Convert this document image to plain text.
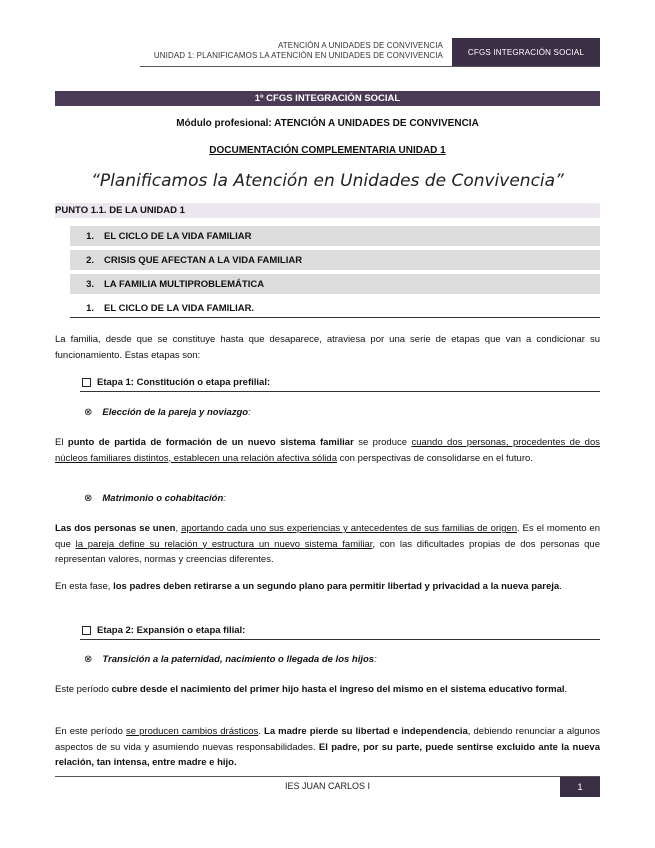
ATENCIÓN A UNIDADES DE CONVIVENCIA
UNIDAD 1: PLANIFICAMOS LA ATENCIÓN EN UNIDADES DE CONVIVENCIA	CFGS INTEGRACIÓN SOCIAL
1º CFGS INTEGRACIÓN SOCIAL
Módulo profesional: ATENCIÓN A UNIDADES DE CONVIVENCIA
DOCUMENTACIÓN COMPLEMENTARIA UNIDAD 1
“Planificamos la Atención en Unidades de Convivencia”
PUNTO 1.1. DE LA UNIDAD 1
1. EL CICLO DE LA VIDA FAMILIAR
2. CRISIS QUE AFECTAN A LA VIDA FAMILIAR
3. LA FAMILIA MULTIPROBLEMÁTICA
1. EL CICLO DE LA VIDA FAMILIAR.
La familia, desde que se constituye hasta que desaparece, atraviesa por una serie de etapas que van a condicionar su funcionamiento. Estas etapas son:
Etapa 1: Constitución o etapa prefilial:
⊗ Elección de la pareja y noviazgo :
El punto de partida de formación de un nuevo sistema familiar se produce cuando dos personas, procedentes de dos núcleos familiares distintos, establecen una relación afectiva sólida con perspectivas de consolidarse en el futuro.
⊗ Matrimonio o cohabitación :
Las dos personas se unen, aportando cada uno sus experiencias y antecedentes de sus familias de origen. Es el momento en que la pareja define su relación y estructura un nuevo sistema familiar, con las dificultades propias de dos personas que representan valores, normas y creencias diferentes.
En esta fase, los padres deben retirarse a un segundo plano para permitir libertad y privacidad a la nueva pareja.
Etapa 2: Expansión o etapa filial:
⊗ Transición a la paternidad, nacimiento o llegada de los hijos :
Este período cubre desde el nacimiento del primer hijo hasta el ingreso del mismo en el sistema educativo formal.
En este período se producen cambios drásticos. La madre pierde su libertad e independencia, debiendo renunciar a algunos aspectos de su vida y asumiendo nuevas responsabilidades. El padre, por su parte, puede sentirse excluido ante la nueva relación, tan intensa, entre madre e hijo.
IES JUAN CARLOS I	1
